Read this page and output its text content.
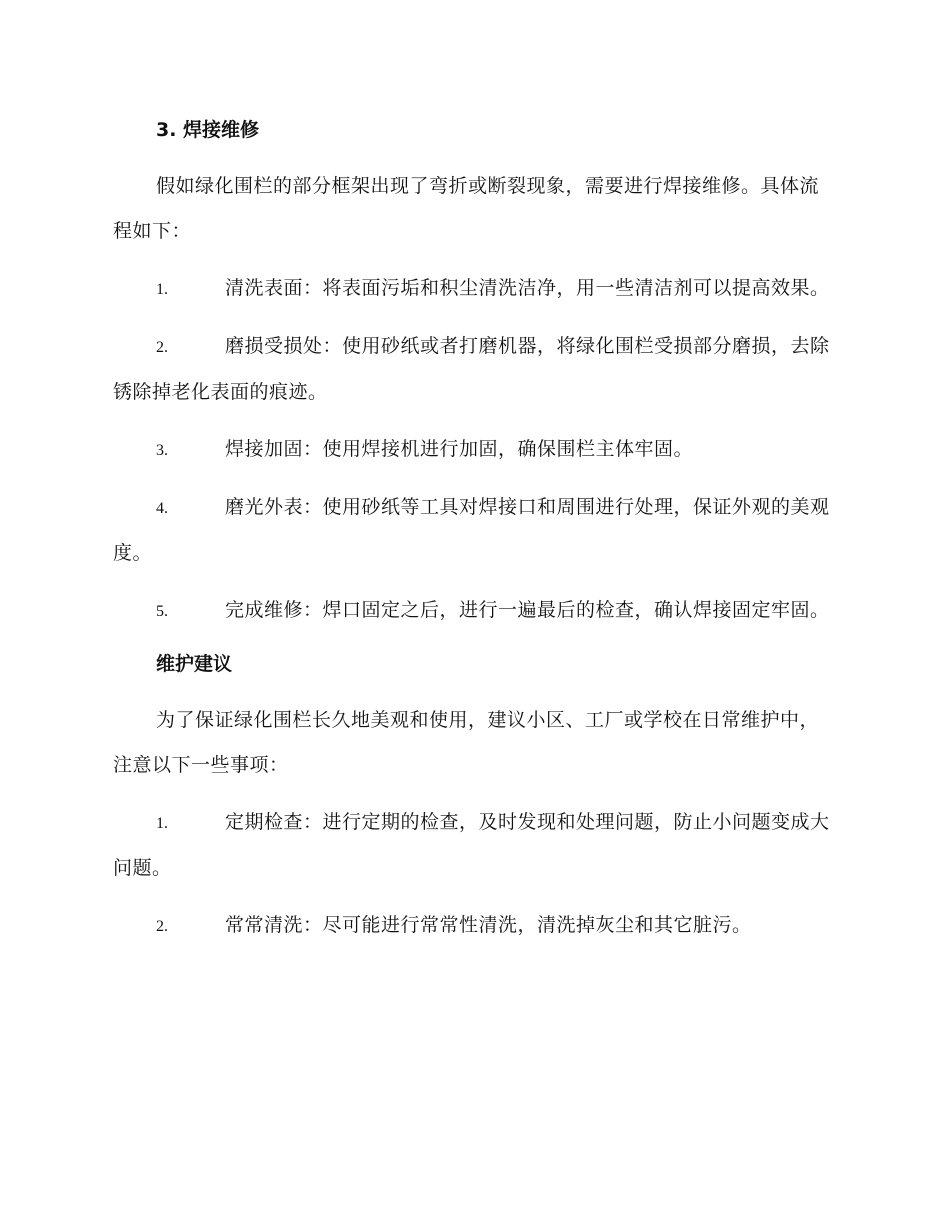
3. 焊接维修

假如绿化围栏的部分框架出现了弯折或断裂现象，需要进行焊接维修。具体流程如下：

1.	清洗表面：将表面污垢和积尘清洗洁净，用一些清洁剂可以提高效果。

2.	磨损受损处：使用砂纸或者打磨机器，将绿化围栏受损部分磨损，去除锈除掉老化表面的痕迹。

3.	焊接加固：使用焊接机进行加固，确保围栏主体牢固。

4.	磨光外表：使用砂纸等工具对焊接口和周围进行处理，保证外观的美观度。

5.	完成维修：焊口固定之后，进行一遍最后的检查，确认焊接固定牢固。

维护建议

为了保证绿化围栏长久地美观和使用，建议小区、工厂或学校在日常维护中，注意以下一些事项：

1.	定期检查：进行定期的检查，及时发现和处理问题，防止小问题变成大问题。

2.	常常清洗：尽可能进行常常性清洗，清洗掉灰尘和其它脏污。
